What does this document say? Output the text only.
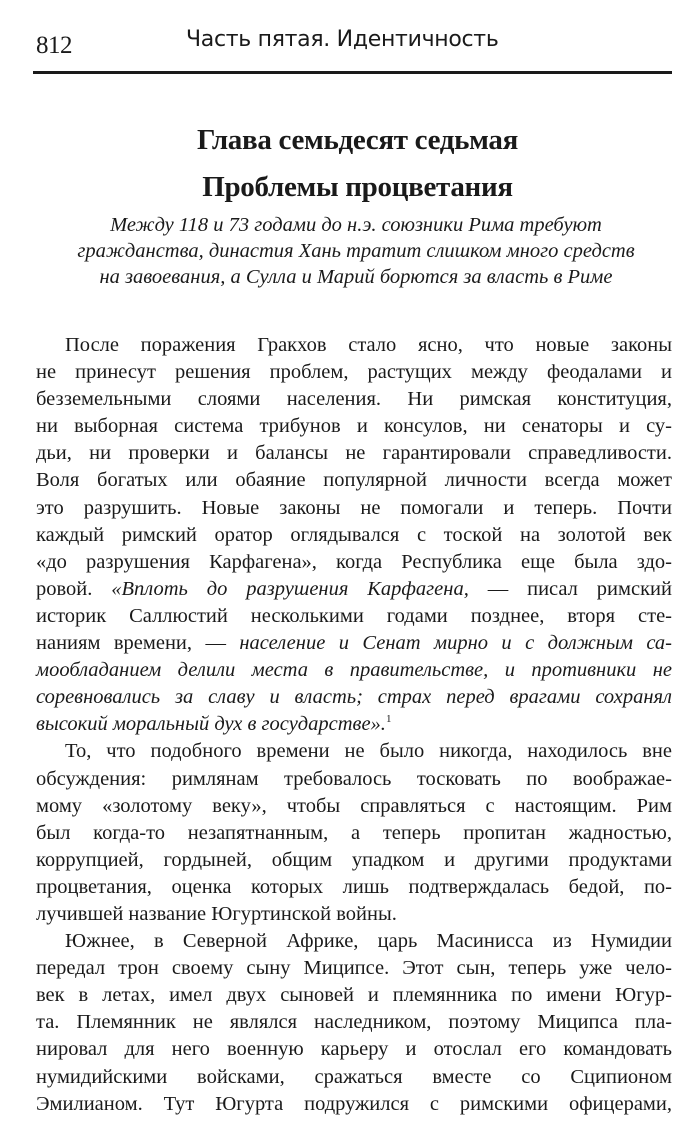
812	Часть пятая. Идентичность
Глава семьдесят седьмая
Проблемы процветания
Между 118 и 73 годами до н.э. союзники Рима требуют
гражданства, династия Хань тратит слишком много средств
на завоевания, а Сулла и Марий борются за власть в Риме
После поражения Гракхов стало ясно, что новые законы
не принесут решения проблем, растущих между феодалами и
безземельными слоями населения. Ни римская конституция,
ни выборная система трибунов и консулов, ни сенаторы и су-
дьи, ни проверки и балансы не гарантировали справедливости.
Воля богатых или обаяние популярной личности всегда может
это разрушить. Новые законы не помогали и теперь. Почти
каждый римский оратор оглядывался с тоской на золотой век
«до разрушения Карфагена», когда Республика еще была здо-
ровой. «Вплоть до разрушения Карфагена, — писал римский
историк Саллюстий несколькими годами позднее, вторя сте-
наниям времени, — население и Сенат мирно и с должным са-
мообладанием делили места в правительстве, и противники не
соревновались за славу и власть; страх перед врагами сохранял
высокий моральный дух в государстве».$^1$
То, что подобного времени не было никогда, находилось вне
обсуждения: римлянам требовалось тосковать по воображае-
мому «золотому веку», чтобы справляться с настоящим. Рим
был когда-то незапятнанным, а теперь пропитан жадностью,
коррупцией, гордыней, общим упадком и другими продуктами
процветания, оценка которых лишь подтверждалась бедой, по-
лучившей название Югуртинской войны.
Южнее, в Северной Африке, царь Масинисса из Нумидии
передал трон своему сыну Миципсе. Этот сын, теперь уже чело-
век в летах, имел двух сыновей и племянника по имени Югур-
та. Племянник не являлся наследником, поэтому Миципса пла-
нировал для него военную карьеру и отослал его командовать
нумидийскими войсками, сражаться вместе со Сципионом
Эмилианом. Тут Югурта подружился с римскими офицерами,
